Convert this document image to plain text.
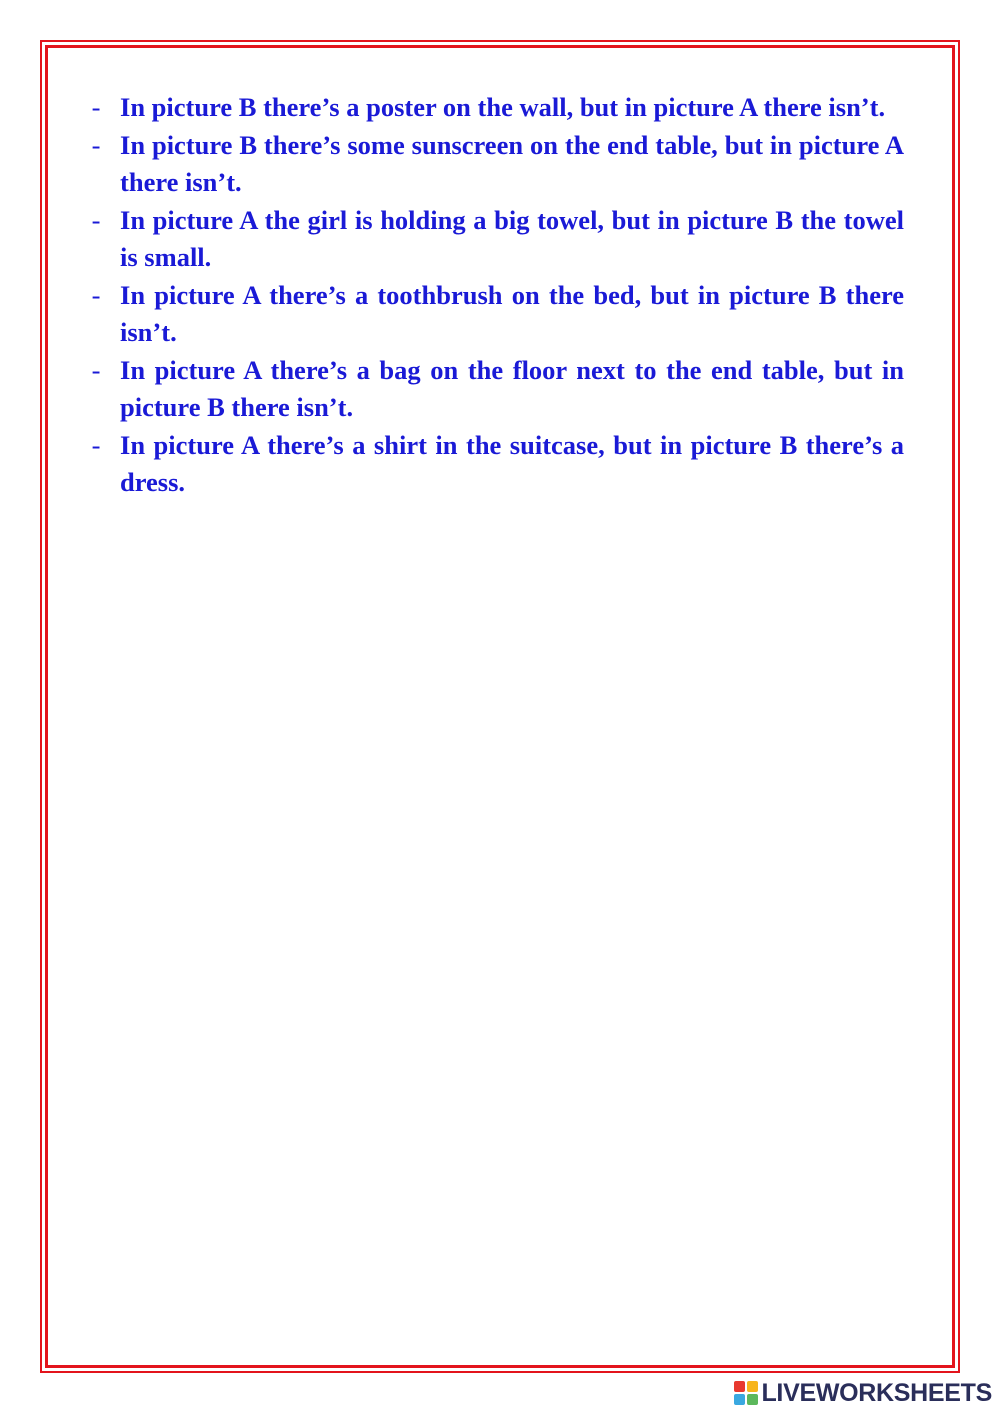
- In picture B there’s a poster on the wall, but in picture A there isn’t.
- In picture B there’s some sunscreen on the end table, but in picture A there isn’t.
- In picture A the girl is holding a big towel, but in picture B the towel is small.
- In picture A there’s a toothbrush on the bed, but in picture B there isn’t.
- In picture A there’s a bag on the floor next to the end table, but in picture B there isn’t.
- In picture A there’s a shirt in the suitcase, but in picture B there’s a dress.
LIVEWORKSHEETS
